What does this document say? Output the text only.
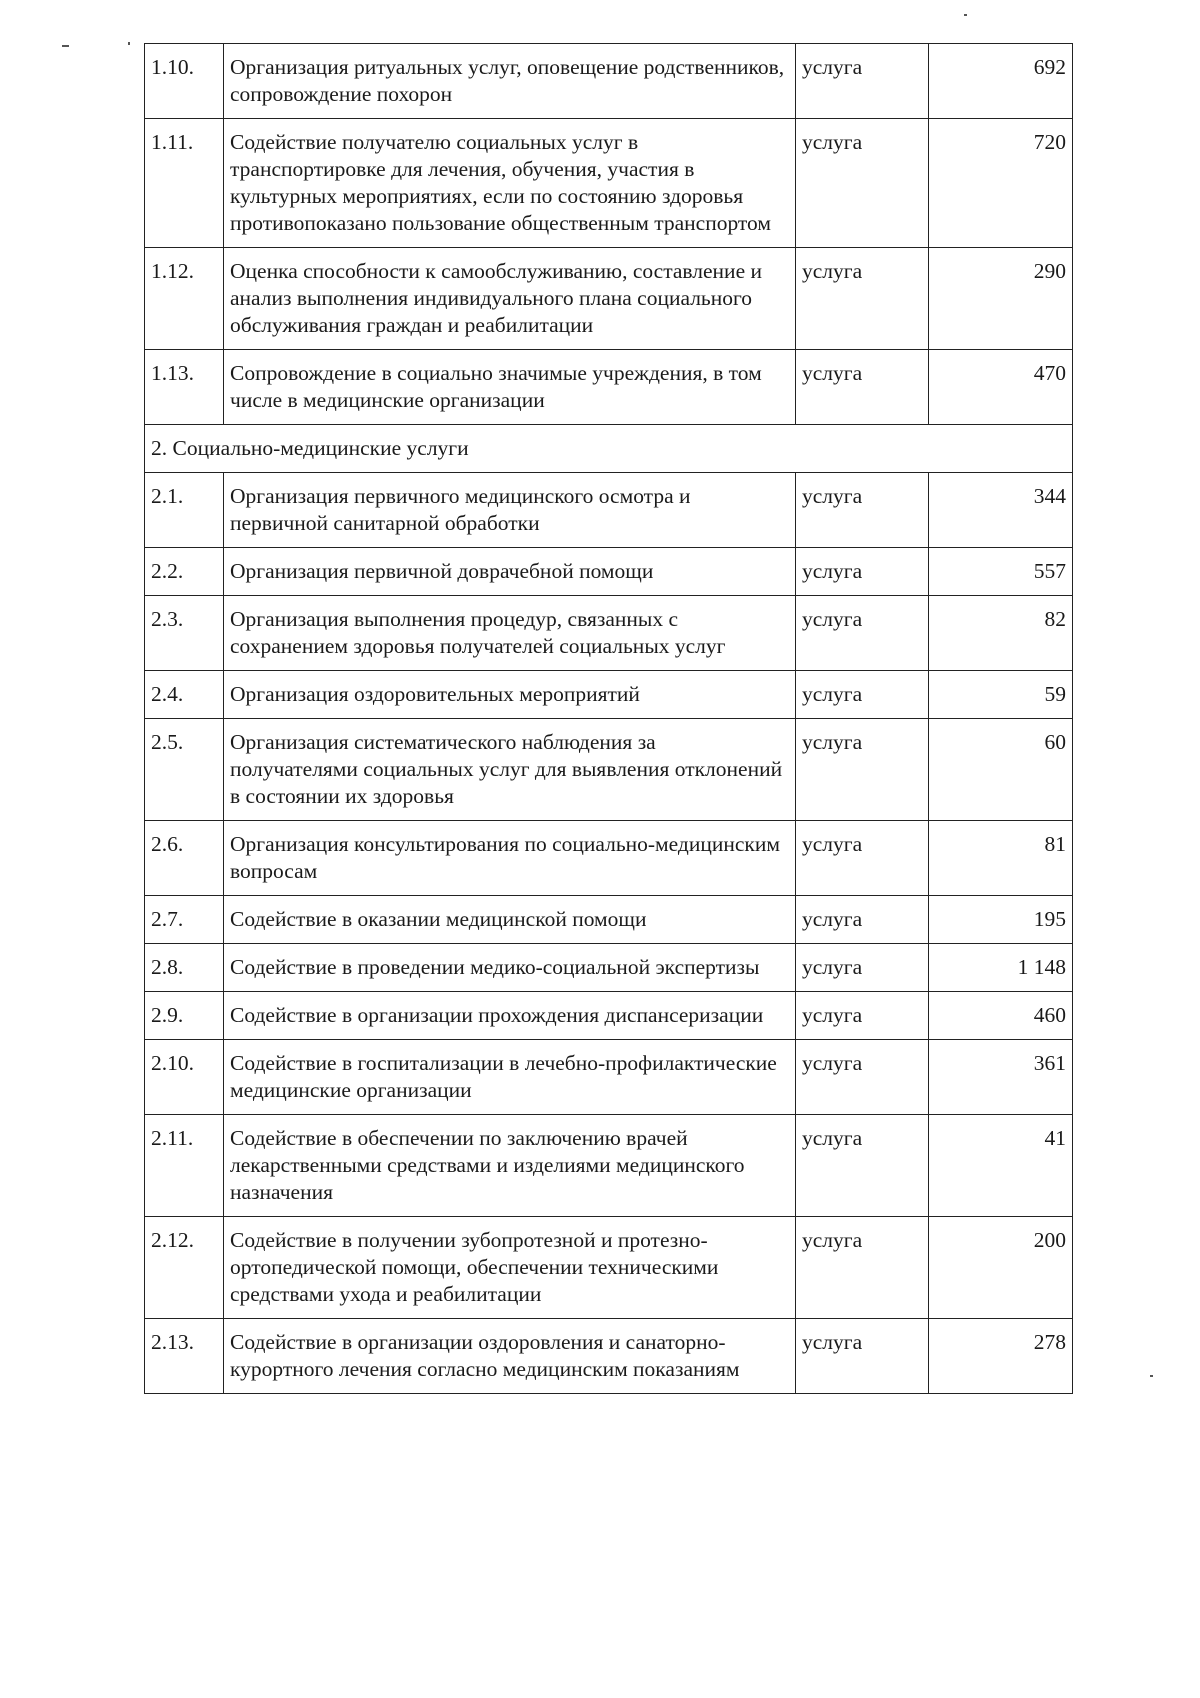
1.10.	Организация ритуальных услуг, оповещение родственников, сопровождение похорон	услуга	692
1.11.	Содействие получателю социальных услуг в транспортировке для лечения, обучения, участия в культурных мероприятиях, если по состоянию здоровья противопоказано пользование общественным транспортом	услуга	720
1.12.	Оценка способности к самообслуживанию, составление и анализ выполнения индивидуального плана социального обслуживания граждан и реабилитации	услуга	290
1.13.	Сопровождение в социально значимые учреждения, в том числе в медицинские организации	услуга	470
2. Социально-медицинские услуги			
2.1.	Организация первичного медицинского осмотра и первичной санитарной обработки	услуга	344
2.2.	Организация первичной доврачебной помощи	услуга	557
2.3.	Организация выполнения процедур, связанных с сохранением здоровья получателей социальных услуг	услуга	82
2.4.	Организация оздоровительных мероприятий	услуга	59
2.5.	Организация систематического наблюдения за получателями социальных услуг для выявления отклонений в состоянии их здоровья	услуга	60
2.6.	Организация консультирования по социально-медицинским вопросам	услуга	81
2.7.	Содействие в оказании медицинской помощи	услуга	195
2.8.	Содействие в проведении медико-социальной экспертизы	услуга	1 148
2.9.	Содействие в организации прохождения диспансеризации	услуга	460
2.10.	Содействие в госпитализации в лечебно-профилактические медицинские организации	услуга	361
2.11.	Содействие в обеспечении по заключению врачей лекарственными средствами и изделиями медицинского назначения	услуга	41
2.12.	Содействие в получении зубопротезной и протезно-ортопедической помощи, обеспечении техническими средствами ухода и реабилитации	услуга	200
2.13.	Содействие в организации оздоровления и санаторно-курортного лечения согласно медицинским показаниям	услуга	278
